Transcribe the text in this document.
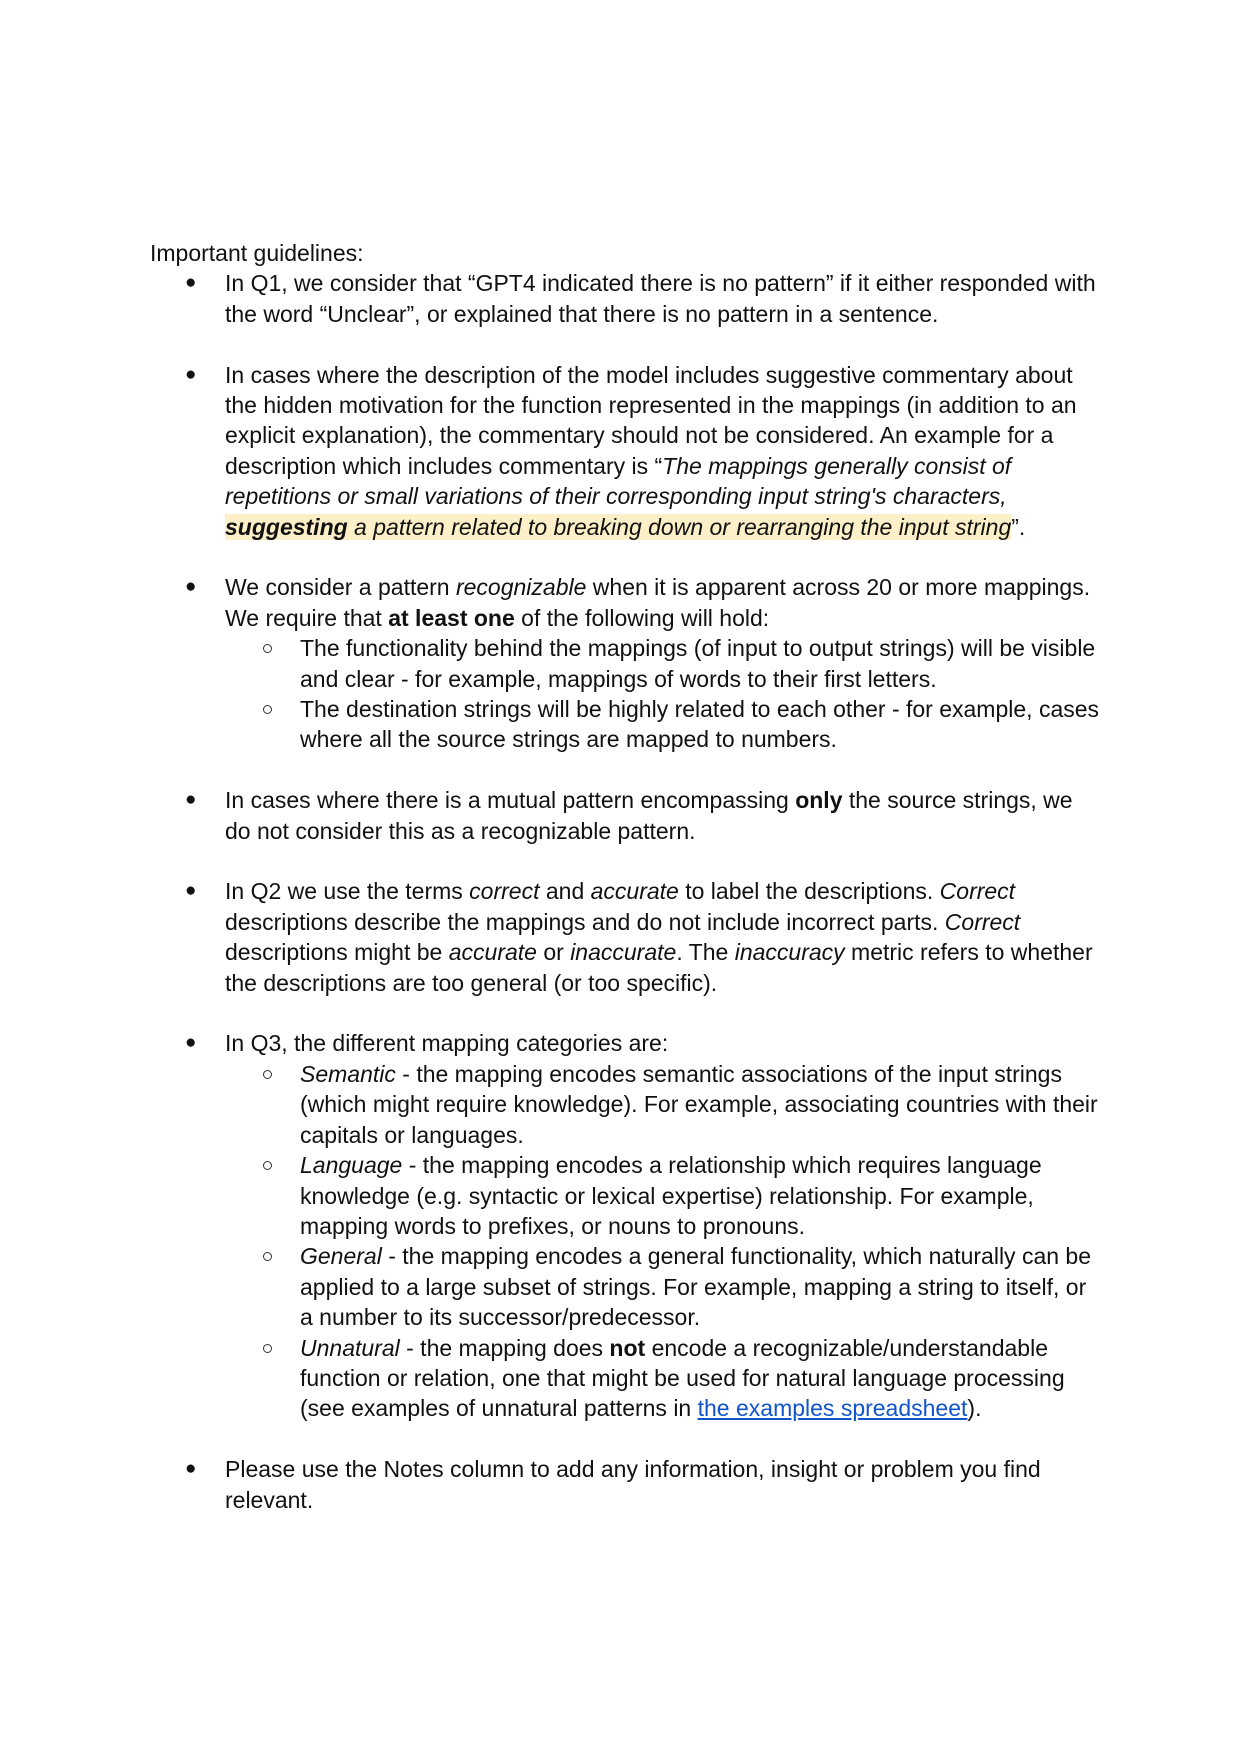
Important guidelines:

● In Q1, we consider that “GPT4 indicated there is no pattern” if it either responded with the word “Unclear”, or explained that there is no pattern in a sentence.
● In cases where the description of the model includes suggestive commentary about the hidden motivation for the function represented in the mappings (in addition to an explicit explanation), the commentary should not be considered. An example for a description which includes commentary is “The mappings generally consist of repetitions or small variations of their corresponding input string's characters,
suggesting a pattern related to breaking down or rearranging the input string”.
● We consider a pattern recognizable when it is apparent across 20 or more mappings. We require that at least one of the following will hold:
The functionality behind the mappings (of input to output strings) will be visible and clear - for example, mappings of words to their first letters.
The destination strings will be highly related to each other - for example, cases where all the source strings are mapped to numbers.
● In cases where there is a mutual pattern encompassing only the source strings, we do not consider this as a recognizable pattern.
● In Q2 we use the terms correct and accurate to label the descriptions. Correct descriptions describe the mappings and do not include incorrect parts. Correct descriptions might be accurate or inaccurate. The inaccuracy metric refers to whether the descriptions are too general (or too specific).
● In Q3, the different mapping categories are:
Semantic - the mapping encodes semantic associations of the input strings (which might require knowledge). For example, associating countries with their capitals or languages.
Language - the mapping encodes a relationship which requires language knowledge (e.g. syntactic or lexical expertise) relationship. For example, mapping words to prefixes, or nouns to pronouns.
General - the mapping encodes a general functionality, which naturally can be applied to a large subset of strings. For example, mapping a string to itself, or a number to its successor/predecessor.
Unnatural - the mapping does not encode a recognizable/understandable function or relation, one that might be used for natural language processing (see examples of unnatural patterns in the examples spreadsheet).
● Please use the Notes column to add any information, insight or problem you find relevant.
